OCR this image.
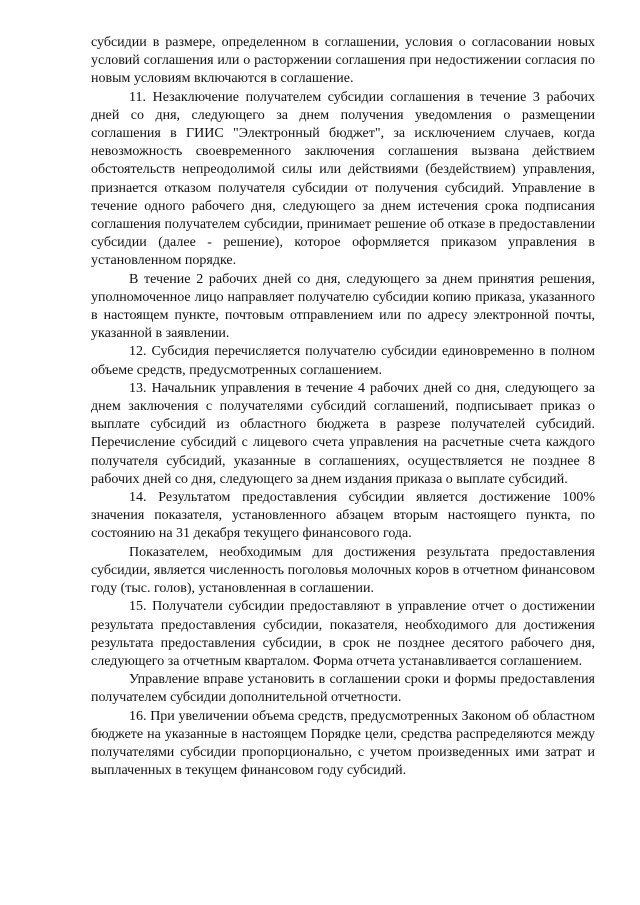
субсидии в размере, определенном в соглашении, условия о согласовании новых условий соглашения или о расторжении соглашения при недостижении согласия по новым условиям включаются в соглашение.

11. Незаключение получателем субсидии соглашения в течение 3 рабочих дней со дня, следующего за днем получения уведомления о размещении соглашения в ГИИС "Электронный бюджет", за исключением случаев, когда невозможность своевременного заключения соглашения вызвана действием обстоятельств непреодолимой силы или действиями (бездействием) управления, признается отказом получателя субсидии от получения субсидий. Управление в течение одного рабочего дня, следующего за днем истечения срока подписания соглашения получателем субсидии, принимает решение об отказе в предоставлении субсидии (далее - решение), которое оформляется приказом управления в установленном порядке.

В течение 2 рабочих дней со дня, следующего за днем принятия решения, уполномоченное лицо направляет получателю субсидии копию приказа, указанного в настоящем пункте, почтовым отправлением или по адресу электронной почты, указанной в заявлении.

12. Субсидия перечисляется получателю субсидии единовременно в полном объеме средств, предусмотренных соглашением.

13. Начальник управления в течение 4 рабочих дней со дня, следующего за днем заключения с получателями субсидий соглашений, подписывает приказ о выплате субсидий из областного бюджета в разрезе получателей субсидий. Перечисление субсидий с лицевого счета управления на расчетные счета каждого получателя субсидий, указанные в соглашениях, осуществляется не позднее 8 рабочих дней со дня, следующего за днем издания приказа о выплате субсидий.

14. Результатом предоставления субсидии является достижение 100% значения показателя, установленного абзацем вторым настоящего пункта, по состоянию на 31 декабря текущего финансового года.

Показателем, необходимым для достижения результата предоставления субсидии, является численность поголовья молочных коров в отчетном финансовом году (тыс. голов), установленная в соглашении.

15. Получатели субсидии предоставляют в управление отчет о достижении результата предоставления субсидии, показателя, необходимого для достижения результата предоставления субсидии, в срок не позднее десятого рабочего дня, следующего за отчетным кварталом. Форма отчета устанавливается соглашением.

Управление вправе установить в соглашении сроки и формы предоставления получателем субсидии дополнительной отчетности.

16. При увеличении объема средств, предусмотренных Законом об областном бюджете на указанные в настоящем Порядке цели, средства распределяются между получателями субсидии пропорционально, с учетом произведенных ими затрат и выплаченных в текущем финансовом году субсидий.
